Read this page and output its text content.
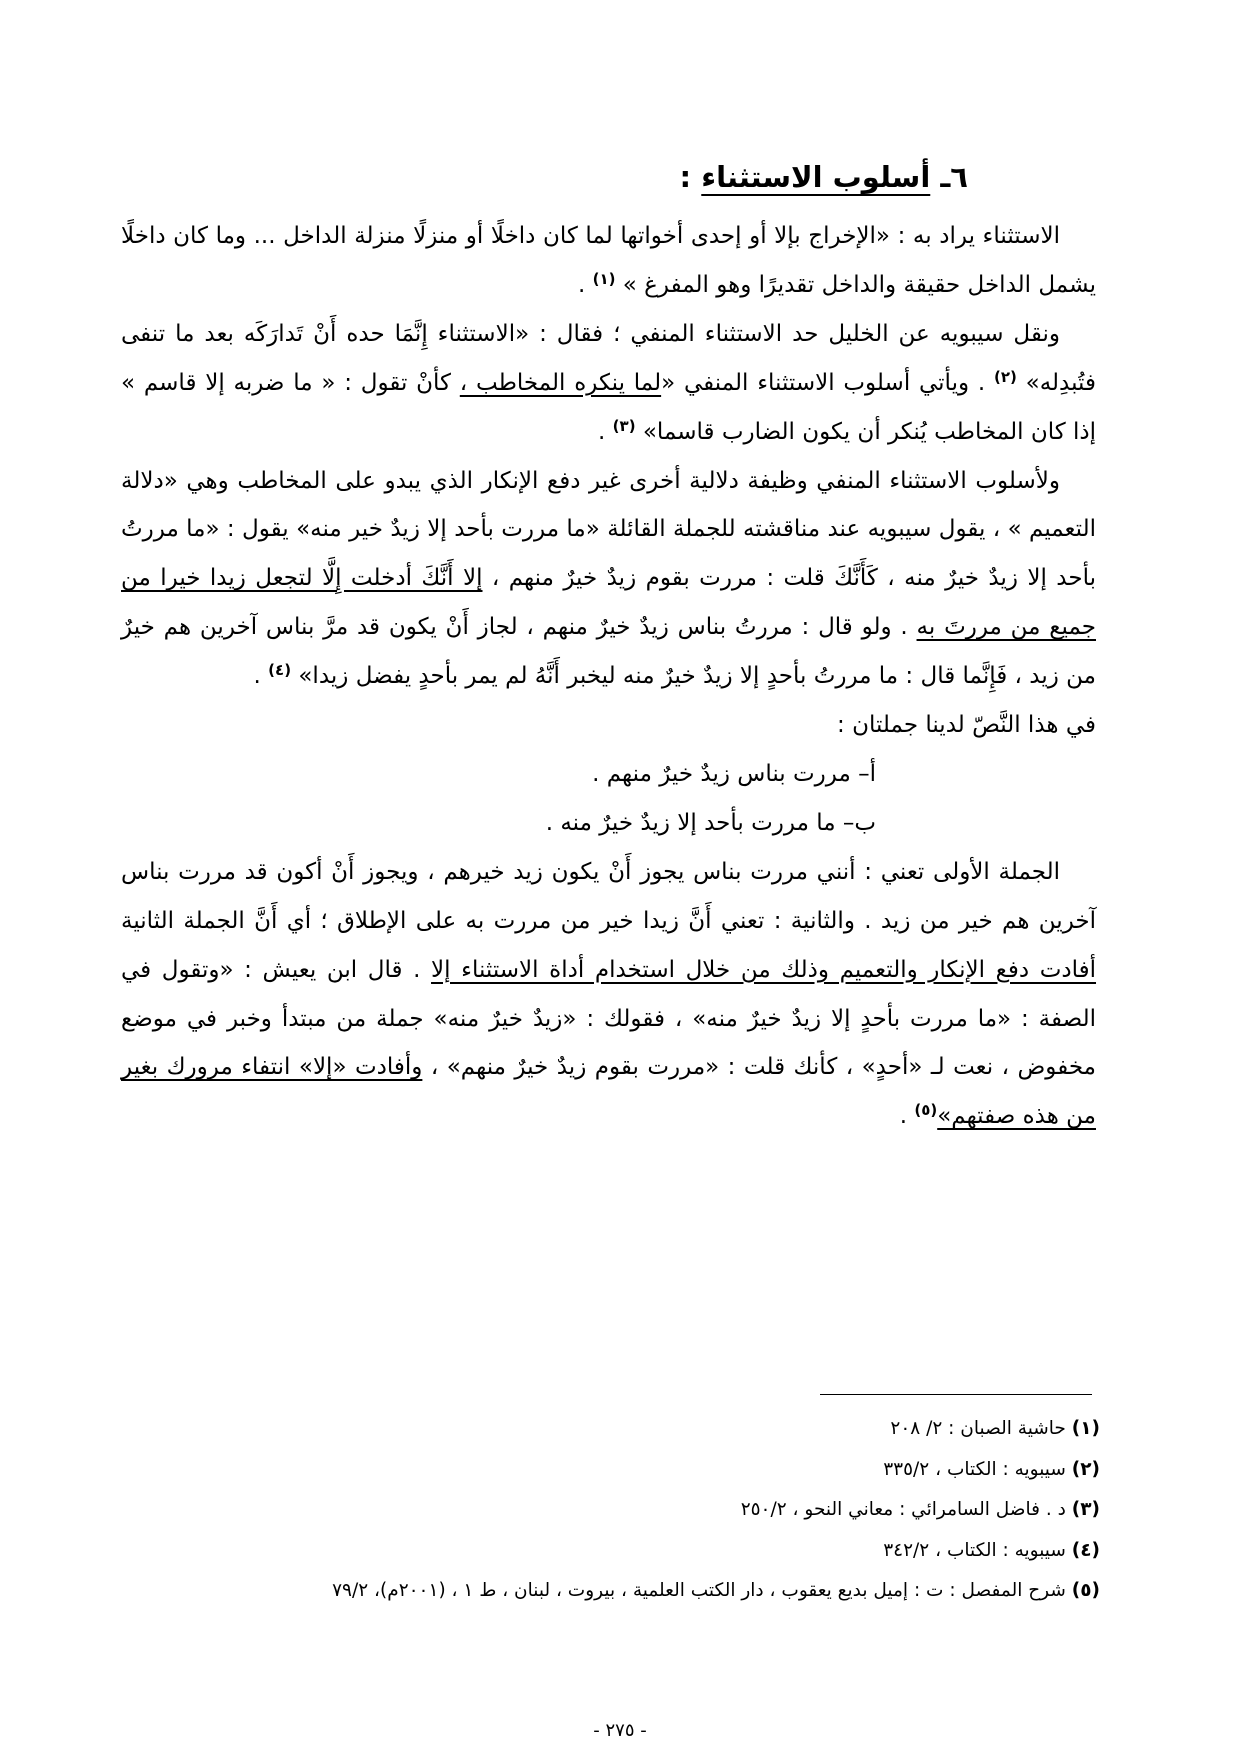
٦ـ أسلوب الاستثناء :

الاستثناء يراد به : «الإخراج بإلا أو إحدى أخواتها لما كان داخلًا أو منزلًا منزلة الداخل ... وما كان داخلًا يشمل الداخل حقيقة والداخل تقديرًا وهو المفرغ » $^{(١)}$ .

ونقل سيبويه عن الخليل حد الاستثناء المنفي ؛ فقال : «الاستثناء إِنَّمَا حده أَنْ تَدارَكَه بعد ما تنفى فتُبدِله» $^{(٢)}$ . ويأتي أسلوب الاستثناء المنفي «لما ينكره المخاطب ، كأنْ تقول : « ما ضربه إلا قاسم » إذا كان المخاطب يُنكر أن يكون الضارب قاسما» $^{(٣)}$ .

ولأسلوب الاستثناء المنفي وظيفة دلالية أخرى غير دفع الإنكار الذي يبدو على المخاطب وهي «دلالة التعميم » ، يقول سيبويه عند مناقشته للجملة القائلة «ما مررت بأحد إلا زيدٌ خير منه» يقول : «ما مررتُ بأحد إلا زيدٌ خيرٌ منه ، كَأَنَّكَ قلت : مررت بقوم زيدٌ خيرٌ منهم ، إلا أَنَّكَ أدخلت إِلَّا لتجعل زيدا خيرا من جميع من مررتَ به . ولو قال : مررتُ بناس زيدٌ خيرٌ منهم ، لجاز أَنْ يكون قد مرَّ بناس آخرين هم خيرٌ من زيد ، فَإِنَّما قال : ما مررتُ بأحدٍ إلا زيدٌ خيرٌ منه ليخبر أَنَّهُ لم يمر بأحدٍ يفضل زيدا» $^{(٤)}$ .

في هذا النَّصّ لدينا جملتان :

أ– مررت بناس زيدٌ خيرٌ منهم .

ب– ما مررت بأحد إلا زيدٌ خيرٌ منه .

الجملة الأولى تعني : أنني مررت بناس يجوز أَنْ يكون زيد خيرهم ، ويجوز أَنْ أكون قد مررت بناس آخرين هم خير من زيد . والثانية : تعني أَنَّ زيدا خير من مررت به على الإطلاق ؛ أي أَنَّ الجملة الثانية أفادت دفع الإنكار والتعميم وذلك من خلال استخدام أداة الاستثناء إلا . قال ابن يعيش : «وتقول في الصفة : «ما مررت بأحدٍ إلا زيدٌ خيرٌ منه» ، فقولك : «زيدٌ خيرٌ منه» جملة من مبتدأ وخبر في موضع مخفوض ، نعت لـ «أحدٍ» ، كأنك قلت : «مررت بقوم زيدٌ خيرٌ منهم» ، وأفادت «إلا» انتفاء مرورك بغير من هذه صفتهم»$^{(٥)}$ .

(١) حاشية الصبان : ٢/ ٢٠٨

(٢) سيبويه : الكتاب ، ٣٣٥/٢

(٣) د . فاضل السامرائي : معاني النحو ، ٢٥٠/٢

(٤) سيبويه : الكتاب ، ٣٤٢/٢

(٥) شرح المفصل : ت : إميل بديع يعقوب ، دار الكتب العلمية ، بيروت ، لبنان ، ط ١ ، (٢٠٠١م)، ٧٩/٢

- ٢٧٥ -
